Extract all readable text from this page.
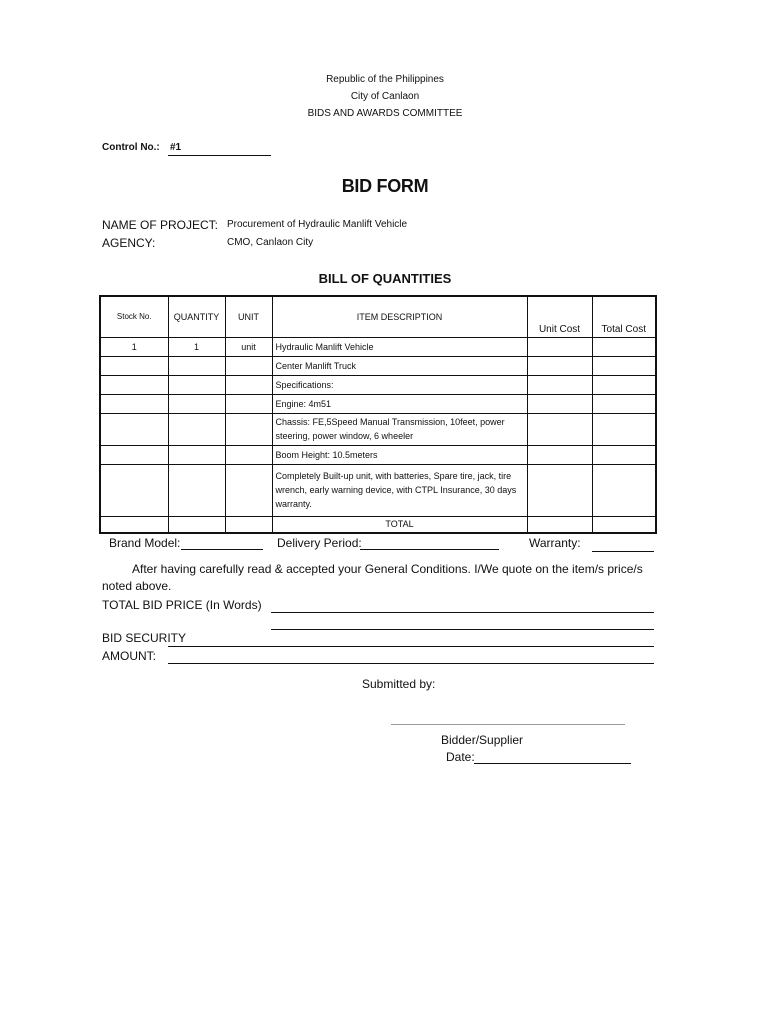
Republic of the Philippines
City of Canlaon
BIDS AND AWARDS COMMITTEE
Control No.: #1
BID FORM
NAME OF PROJECT: Procurement of Hydraulic Manlift Vehicle
AGENCY:	CMO, Canlaon City
BILL OF QUANTITIES
Stock No.	QUANTITY	UNIT	ITEM DESCRIPTION	Unit Cost	Total Cost
1	1	unit	Hydraulic Manlift Vehicle		
			Center Manlift Truck		
			Specifications:		
			Engine: 4m51		
			Chassis: FE,5Speed Manual Transmission, 10feet, power steering, power window, 6 wheeler		
			Boom Height: 10.5meters		
			Completely Built-up unit, with batteries, Spare tire, jack, tire wrench, early warning device, with CTPL Insurance, 30 days warranty.		
			TOTAL		
Brand Model:	Delivery Period:	Warranty:
After having carefully read & accepted your General Conditions. I/We quote on the item/s price/s noted above.
TOTAL BID PRICE (In Words)
BID SECURITY
AMOUNT:
Submitted by:
Bidder/Supplier
Date:
